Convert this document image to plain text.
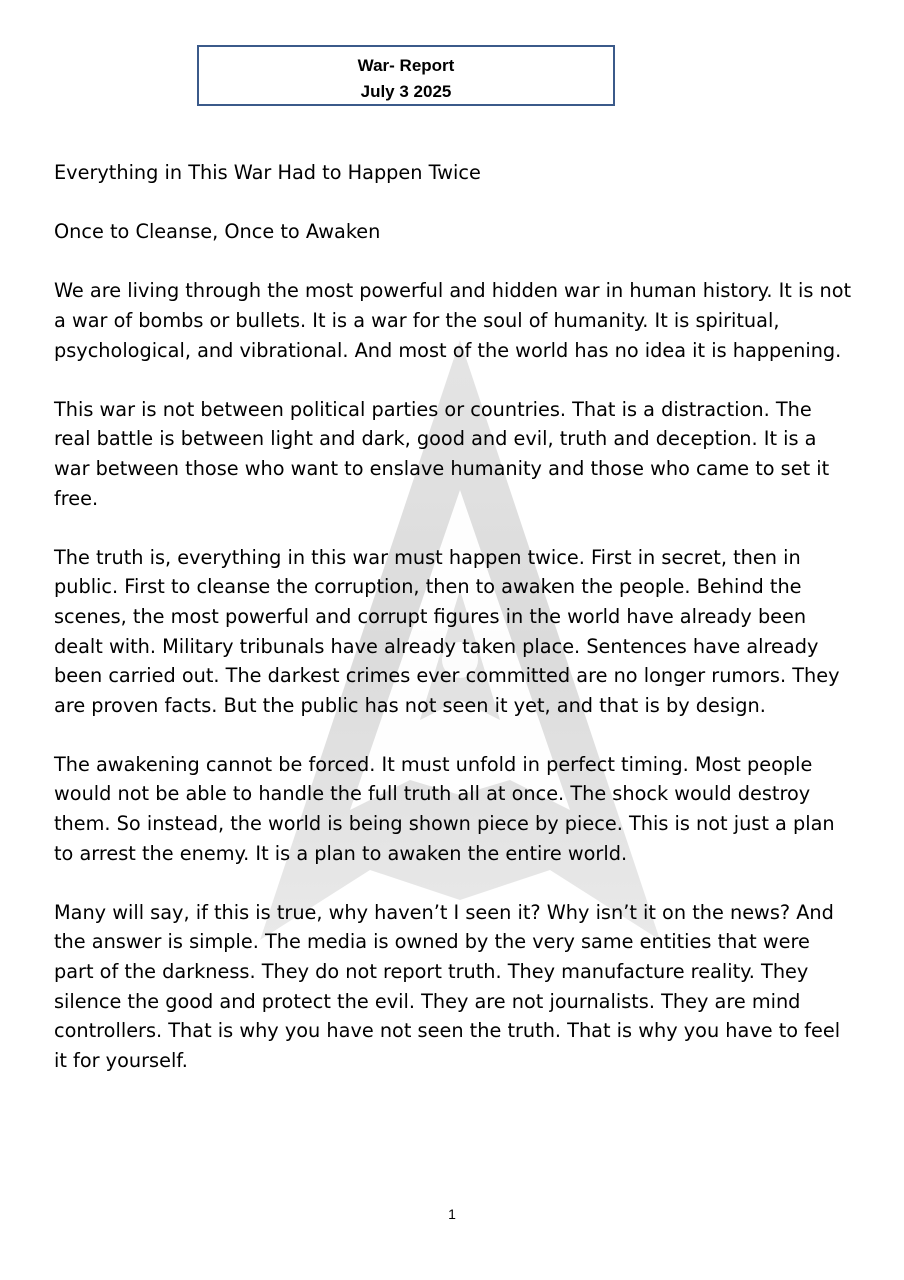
War- Report
July 3 2025

Everything in This War Had to Happen Twice

Once to Cleanse, Once to Awaken

We are living through the most powerful and hidden war in human history. It is not a war of bombs or bullets. It is a war for the soul of humanity. It is spiritual, psychological, and vibrational. And most of the world has no idea it is happening.

This war is not between political parties or countries. That is a distraction. The real battle is between light and dark, good and evil, truth and deception. It is a war between those who want to enslave humanity and those who came to set it free.

The truth is, everything in this war must happen twice. First in secret, then in public. First to cleanse the corruption, then to awaken the people. Behind the scenes, the most powerful and corrupt figures in the world have already been dealt with. Military tribunals have already taken place. Sentences have already been carried out. The darkest crimes ever committed are no longer rumors. They are proven facts. But the public has not seen it yet, and that is by design.

The awakening cannot be forced. It must unfold in perfect timing. Most people would not be able to handle the full truth all at once. The shock would destroy them. So instead, the world is being shown piece by piece. This is not just a plan to arrest the enemy. It is a plan to awaken the entire world.

Many will say, if this is true, why haven’t I seen it? Why isn’t it on the news? And the answer is simple. The media is owned by the very same entities that were part of the darkness. They do not report truth. They manufacture reality. They silence the good and protect the evil. They are not journalists. They are mind controllers. That is why you have not seen the truth. That is why you have to feel it for yourself.

1
